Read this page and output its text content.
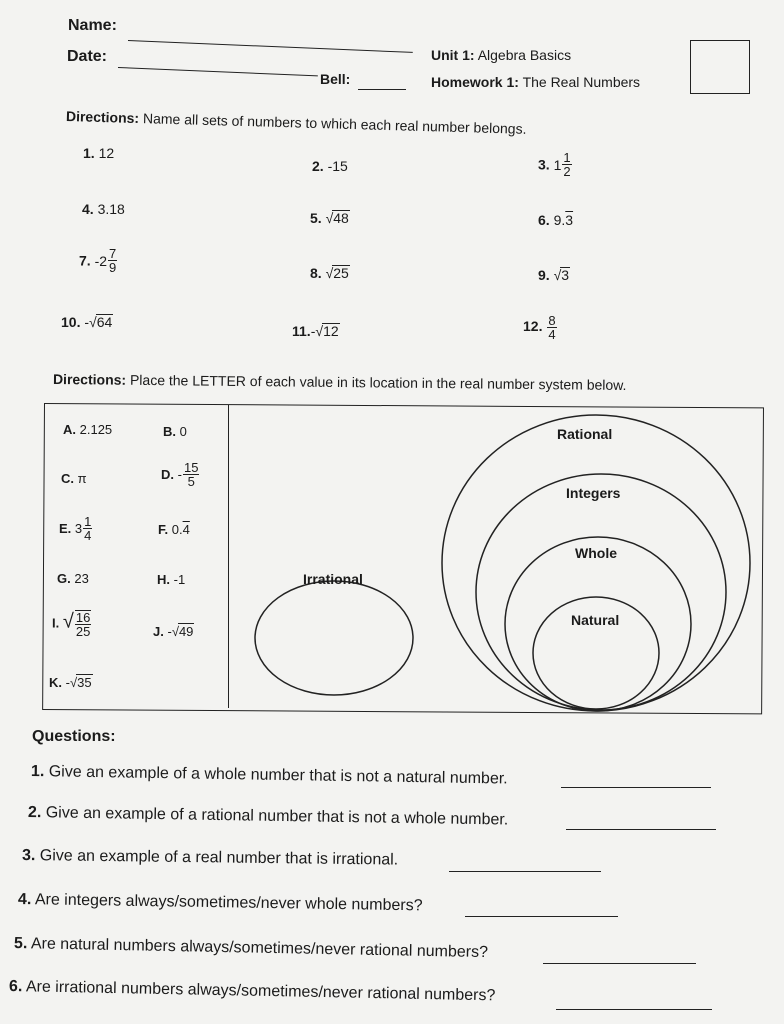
Name:
Date:
Bell:
Unit 1: Algebra Basics
Homework 1: The Real Numbers
Directions: Name all sets of numbers to which each real number belongs.
1. 12
2. -15	3. $1 \frac{1}{2}$
4. 3.18
5. √48	6. 9.3
7. - $2 \frac{7}{9}$	8. √25	9. √3
10. -√64
11.-√12	12. $\frac{8}{4}$
Directions: Place the LETTER of each value in its location in the real number system below.
A. 2.125	B. 0
C. π	D. - $\frac{15}{5}$
E. $3 \frac{1}{4}$	F. 0.4
G. 23	H. -1
I. √ $\frac{16}{25}$	J. -√49
K. -√35
Rational
Integers
Whole
Natural
Irrational
Questions:
1. Give an example of a whole number that is not a natural number.
2. Give an example of a rational number that is not a whole number.
3. Give an example of a real number that is irrational.
4. Are integers always/sometimes/never whole numbers?
5. Are natural numbers always/sometimes/never rational numbers?
6. Are irrational numbers always/sometimes/never rational numbers?
